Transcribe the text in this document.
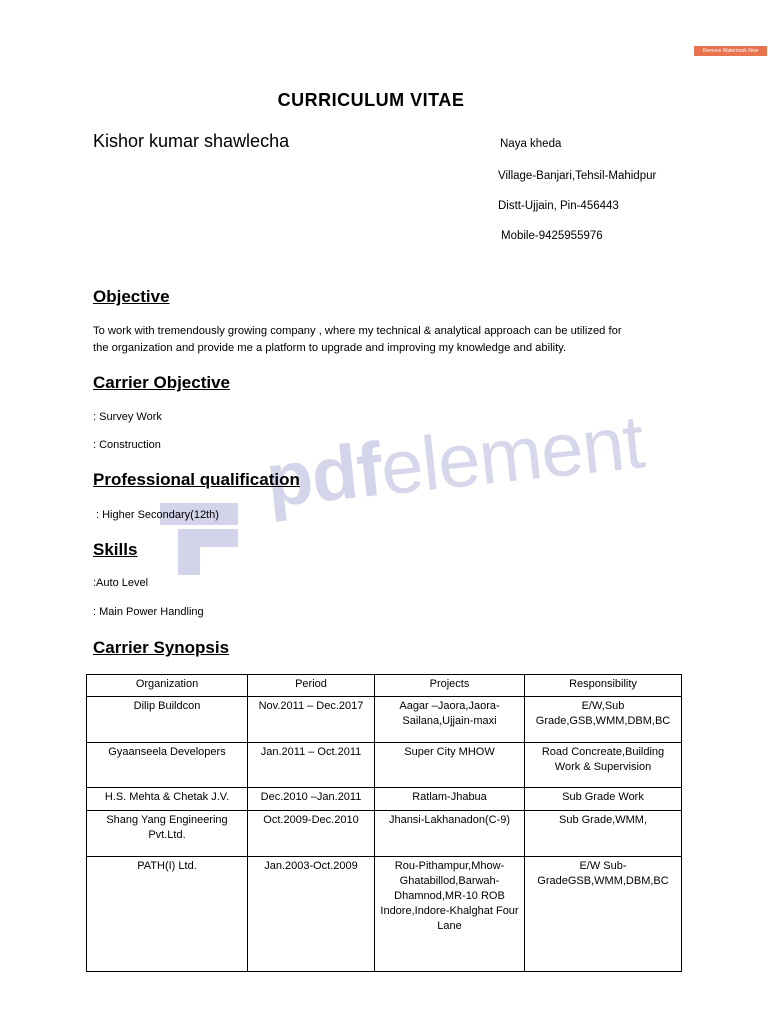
Remove Watermark Now
pdfelement
CURRICULUM VITAE
Kishor kumar shawlecha	Naya kheda
Village-Banjari,Tehsil-Mahidpur
Distt-Ujjain, Pin-456443
Mobile-9425955976
Objective
To work with tremendously growing company , where my technical & analytical approach can be utilized for
the organization and provide me a platform to upgrade and improving my knowledge and ability.
Carrier Objective
: Survey Work
: Construction
Professional qualification
: Higher Secondary(12th)
Skills
:Auto Level
: Main Power Handling
Carrier Synopsis
Organization	Period	Projects	Responsibility
Dilip Buildcon	Nov.2011 – Dec.2017	Aagar –Jaora,Jaora-Sailana,Ujjain-maxi	E/W,Sub Grade,GSB,WMM,DBM,BC
Gyaanseela Developers	Jan.2011 – Oct.2011	Super City MHOW	Road Concreate,Building Work & Supervision
H.S. Mehta & Chetak J.V.	Dec.2010 –Jan.2011	Ratlam-Jhabua	Sub Grade Work
Shang Yang Engineering Pvt.Ltd.	Oct.2009-Dec.2010	Jhansi-Lakhanadon(C-9)	Sub Grade,WMM,
PATH(I) Ltd.	Jan.2003-Oct.2009	Rou-Pithampur,Mhow-Ghatabillod,Barwah-Dhamnod,MR-10 ROB Indore,Indore-Khalghat Four Lane	E/W Sub-GradeGSB,WMM,DBM,BC
